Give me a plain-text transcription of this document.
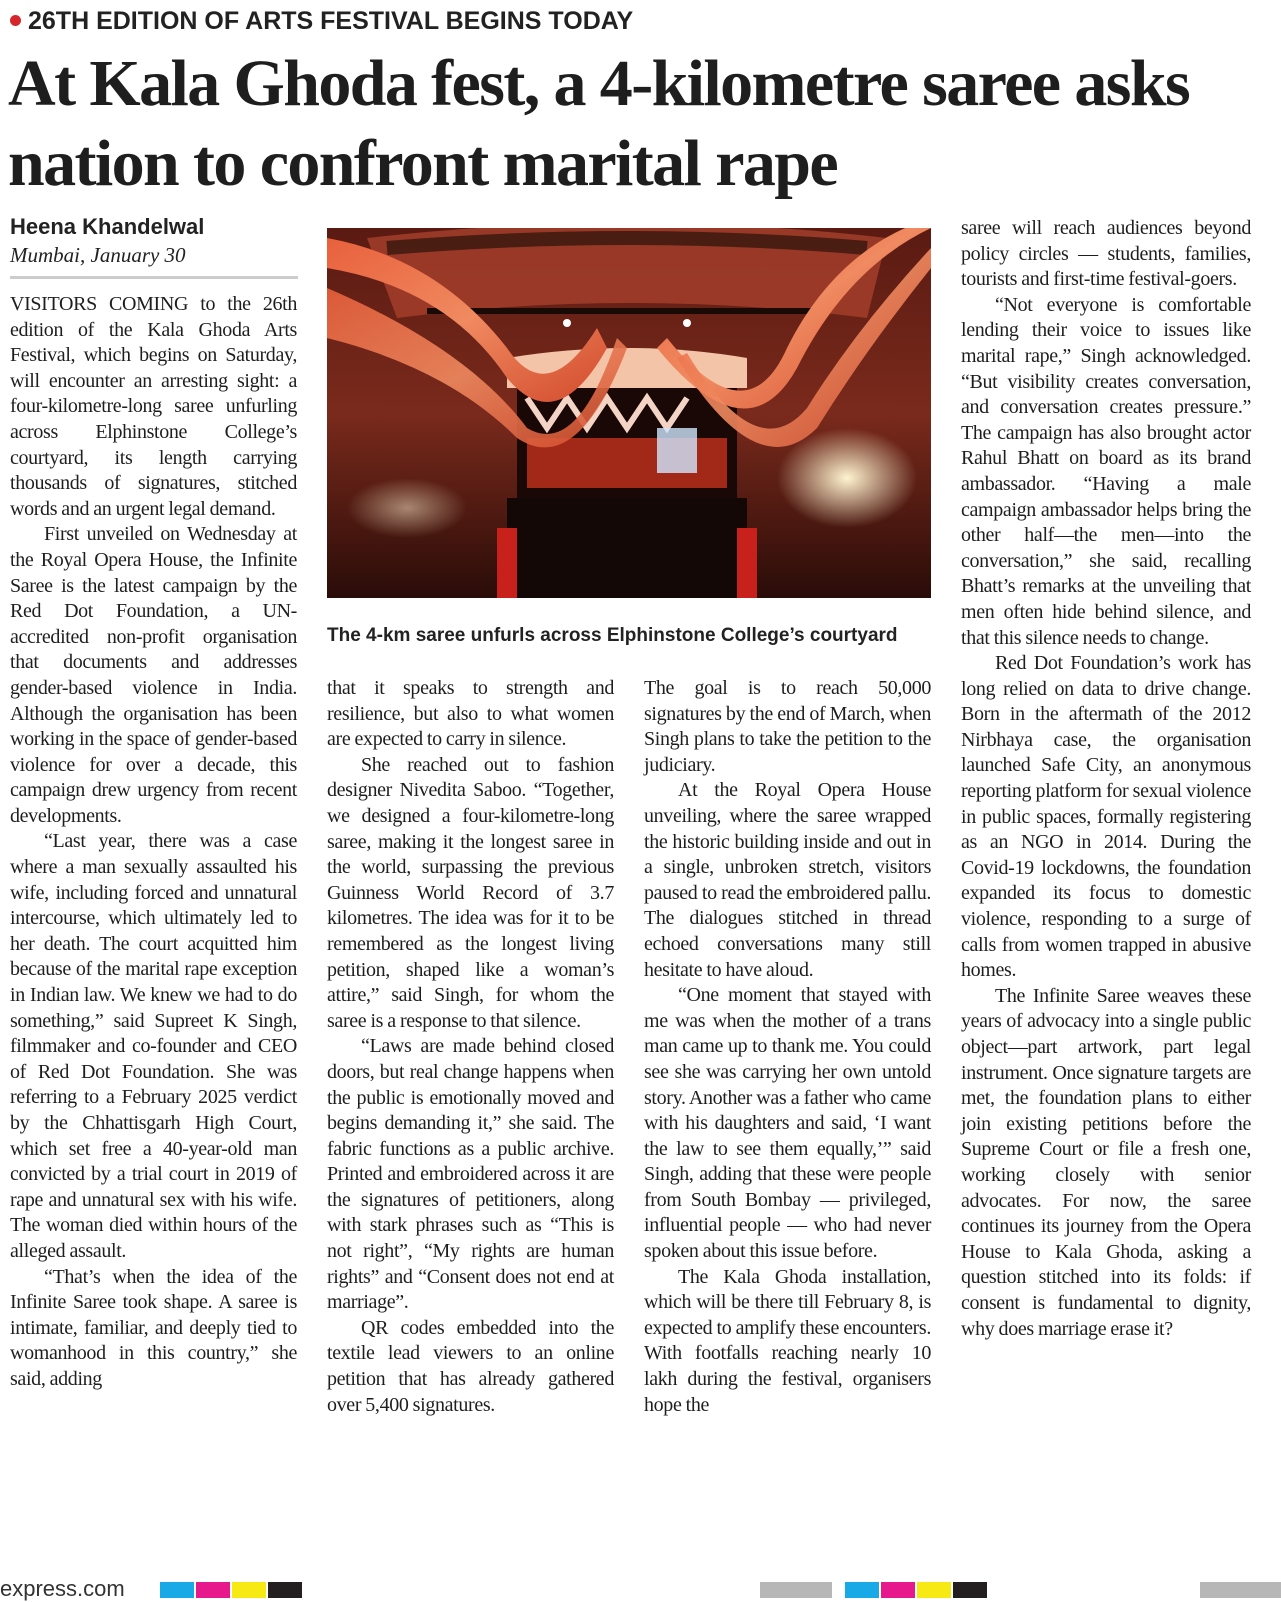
26TH EDITION OF ARTS FESTIVAL BEGINS TODAY
At Kala Ghoda fest, a 4-kilometre saree asks nation to confront marital rape
Heena Khandelwal
Mumbai, January 30

VISITORS COMING to the 26th edition of the Kala Ghoda Arts Festival, which begins on Saturday, will encounter an arresting sight: a four-kilometre-long saree unfurling across Elphinstone College’s courtyard, its length carrying thousands of signatures, stitched words and an urgent legal demand.

First unveiled on Wednesday at the Royal Opera House, the Infinite Saree is the latest campaign by the Red Dot Foundation, a UN-accredited non-profit organisation that documents and addresses gender-based violence in India. Although the organisation has been working in the space of gender-based violence for over a decade, this campaign drew urgency from recent developments.

“Last year, there was a case where a man sexually assaulted his wife, including forced and unnatural intercourse, which ultimately led to her death. The court acquitted him because of the marital rape exception in Indian law. We knew we had to do something,” said Supreet K Singh, filmmaker and co-founder and CEO of Red Dot Foundation. She was referring to a February 2025 verdict by the Chhattisgarh High Court, which set free a 40-year-old man convicted by a trial court in 2019 of rape and unnatural sex with his wife. The woman died within hours of the alleged assault.

“That’s when the idea of the Infinite Saree took shape. A saree is intimate, familiar, and deeply tied to womanhood in this country,” she said, adding

The 4-km saree unfurls across Elphinstone College’s courtyard

that it speaks to strength and resilience, but also to what women are expected to carry in silence.

She reached out to fashion designer Nivedita Saboo. “Together, we designed a four-kilometre-long saree, making it the longest saree in the world, surpassing the previous Guinness World Record of 3.7 kilometres. The idea was for it to be remembered as the longest living petition, shaped like a woman’s attire,” said Singh, for whom the saree is a response to that silence.

“Laws are made behind closed doors, but real change happens when the public is emotionally moved and begins demanding it,” she said. The fabric functions as a public archive. Printed and embroidered across it are the signatures of petitioners, along with stark phrases such as “This is not right”, “My rights are human rights” and “Consent does not end at marriage”.

QR codes embedded into the textile lead viewers to an online petition that has already gathered over 5,400 signatures.

The goal is to reach 50,000 signatures by the end of March, when Singh plans to take the petition to the judiciary.

At the Royal Opera House unveiling, where the saree wrapped the historic building inside and out in a single, unbroken stretch, visitors paused to read the embroidered pallu. The dialogues stitched in thread echoed conversations many still hesitate to have aloud.

“One moment that stayed with me was when the mother of a trans man came up to thank me. You could see she was carrying her own untold story. Another was a father who came with his daughters and said, ‘I want the law to see them equally,’” said Singh, adding that these were people from South Bombay — privileged, influential people — who had never spoken about this issue before.

The Kala Ghoda installation, which will be there till February 8, is expected to amplify these encounters. With footfalls reaching nearly 10 lakh during the festival, organisers hope the

saree will reach audiences beyond policy circles — students, families, tourists and first-time festival-goers.

“Not everyone is comfortable lending their voice to issues like marital rape,” Singh acknowledged. “But visibility creates conversation, and conversation creates pressure.” The campaign has also brought actor Rahul Bhatt on board as its brand ambassador. “Having a male campaign ambassador helps bring the other half—the men—into the conversation,” she said, recalling Bhatt’s remarks at the unveiling that men often hide behind silence, and that this silence needs to change.

Red Dot Foundation’s work has long relied on data to drive change. Born in the aftermath of the 2012 Nirbhaya case, the organisation launched Safe City, an anonymous reporting platform for sexual violence in public spaces, formally registering as an NGO in 2014. During the Covid-19 lockdowns, the foundation expanded its focus to domestic violence, responding to a surge of calls from women trapped in abusive homes.

The Infinite Saree weaves these years of advocacy into a single public object—part artwork, part legal instrument. Once signature targets are met, the foundation plans to either join existing petitions before the Supreme Court or file a fresh one, working closely with senior advocates. For now, the saree continues its journey from the Opera House to Kala Ghoda, asking a question stitched into its folds: if consent is fundamental to dignity, why does marriage erase it?

express.com
